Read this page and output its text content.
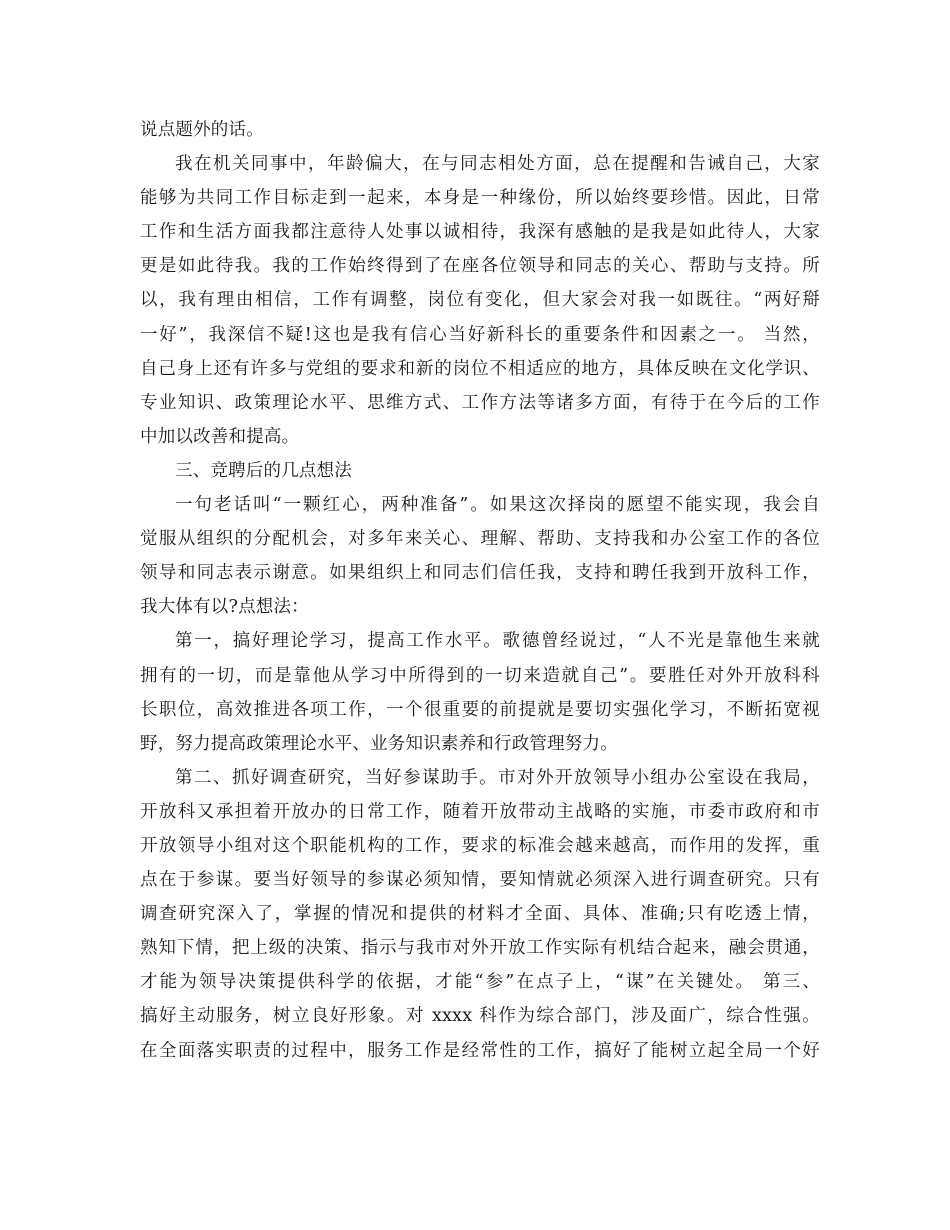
说点题外的话。
我在机关同事中，年龄偏大，在与同志相处方面，总在提醒和告诫自己，大家
能够为共同工作目标走到一起来，本身是一种缘份，所以始终要珍惜。因此，日常
工作和生活方面我都注意待人处事以诚相待，我深有感触的是我是如此待人，大家
更是如此待我。我的工作始终得到了在座各位领导和同志的关心、帮助与支持。所
以，我有理由相信，工作有调整，岗位有变化，但大家会对我一如既往。“两好搿
一好”，我深信不疑!这也是我有信心当好新科长的重要条件和因素之一。 当然，
自己身上还有许多与党组的要求和新的岗位不相适应的地方，具体反映在文化学识、
专业知识、政策理论水平、思维方式、工作方法等诸多方面，有待于在今后的工作
中加以改善和提高。
三、竞聘后的几点想法
一句老话叫“一颗红心，两种准备”。如果这次择岗的愿望不能实现，我会自
觉服从组织的分配机会，对多年来关心、理解、帮助、支持我和办公室工作的各位
领导和同志表示谢意。如果组织上和同志们信任我，支持和聘任我到开放科工作，
我大体有以?点想法：
第一，搞好理论学习，提高工作水平。歌德曾经说过，“人不光是靠他生来就
拥有的一切，而是靠他从学习中所得到的一切来造就自己”。要胜任对外开放科科
长职位，高效推进各项工作，一个很重要的前提就是要切实强化学习，不断拓宽视
野，努力提高政策理论水平、业务知识素养和行政管理努力。
第二、抓好调查研究，当好参谋助手。市对外开放领导小组办公室设在我局，
开放科又承担着开放办的日常工作，随着开放带动主战略的实施，市委市政府和市
开放领导小组对这个职能机构的工作，要求的标准会越来越高，而作用的发挥，重
点在于参谋。要当好领导的参谋必须知情，要知情就必须深入进行调查研究。只有
调查研究深入了，掌握的情况和提供的材料才全面、具体、准确;只有吃透上情，
熟知下情，把上级的决策、指示与我市对外开放工作实际有机结合起来，融会贯通，
才能为领导决策提供科学的依据，才能“参”在点子上，“谋”在关键处。 第三、
搞好主动服务，树立良好形象。对 xxxx 科作为综合部门，涉及面广，综合性强。
在全面落实职责的过程中，服务工作是经常性的工作，搞好了能树立起全局一个好
